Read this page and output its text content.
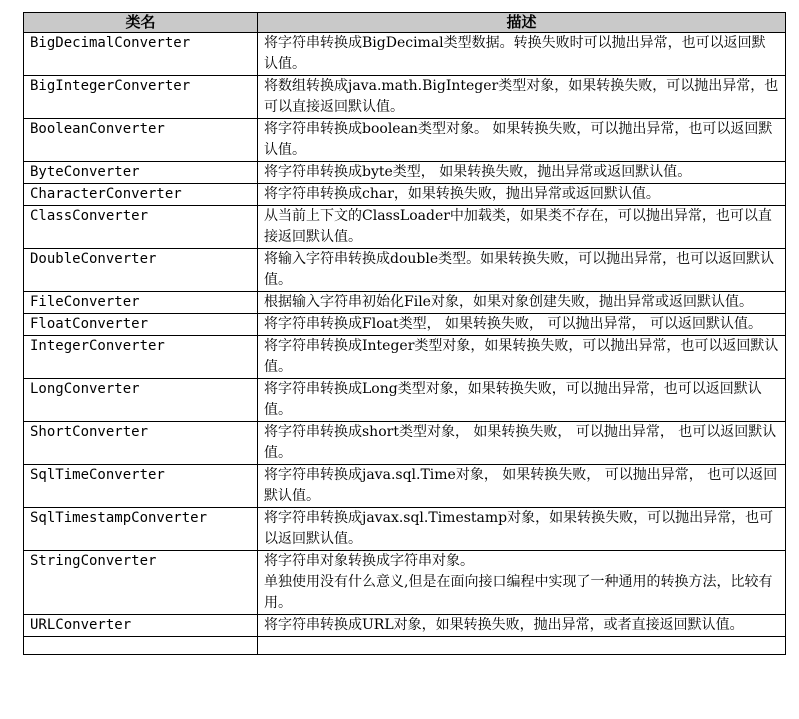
类名	描述
BigDecimalConverter	将字符串转换成BigDecimal类型数据。转换失败时可以抛出异常，也可以返回默认值。
BigIntegerConverter	将数组转换成java.math.BigInteger类型对象，如果转换失败，可以抛出异常，也可以直接返回默认值。
BooleanConverter	将字符串转换成boolean类型对象。 如果转换失败，可以抛出异常，也可以返回默认值。
ByteConverter	将字符串转换成byte类型， 如果转换失败，抛出异常或返回默认值。
CharacterConverter	将字符串转换成char，如果转换失败，抛出异常或返回默认值。
ClassConverter	从当前上下文的ClassLoader中加载类，如果类不存在，可以抛出异常，也可以直接返回默认值。
DoubleConverter	将输入字符串转换成double类型。如果转换失败，可以抛出异常，也可以返回默认值。
FileConverter	根据输入字符串初始化File对象，如果对象创建失败，抛出异常或返回默认值。
FloatConverter	将字符串转换成Float类型， 如果转换失败， 可以抛出异常， 可以返回默认值。
IntegerConverter	将字符串转换成Integer类型对象，如果转换失败，可以抛出异常，也可以返回默认值。
LongConverter	将字符串转换成Long类型对象，如果转换失败，可以抛出异常，也可以返回默认值。
ShortConverter	将字符串转换成short类型对象， 如果转换失败， 可以抛出异常， 也可以返回默认值。
SqlTimeConverter	将字符串转换成java.sql.Time对象， 如果转换失败， 可以抛出异常， 也可以返回默认值。
SqlTimestampConverter	将字符串转换成javax.sql.Timestamp对象，如果转换失败，可以抛出异常，也可以返回默认值。
StringConverter	将字符串对象转换成字符串对象。
单独使用没有什么意义,但是在面向接口编程中实现了一种通用的转换方法，比较有用。

URLConverter	将字符串转换成URL对象，如果转换失败，抛出异常，或者直接返回默认值。
